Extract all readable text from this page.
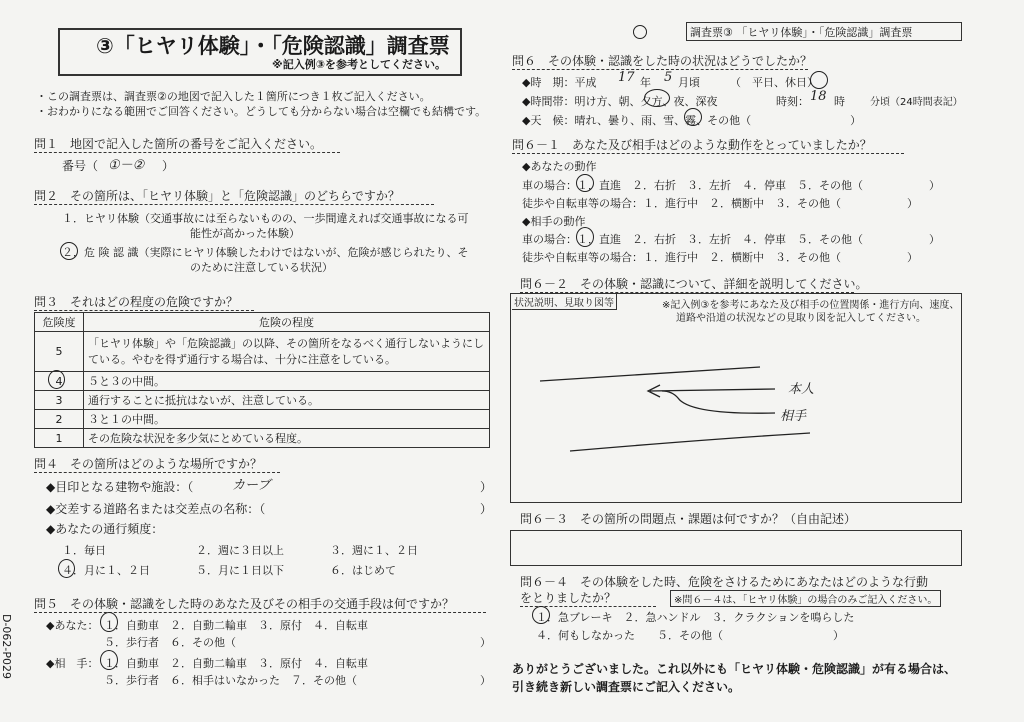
③「ヒヤリ体験」・「危険認識」調査票
※記入例③を参考としてください。
調査票③ 「ヒヤリ体験」・「危険認識」調査票
D-062-P029
・この調査票は、調査票②の地図で記入した１箇所につき１枚ご記入ください。
・おわかりになる範囲でご回答ください。どうしても分からない場合は空欄でも結構です。
問１　地図で記入した箇所の番号をご記入ください。
番号（ ①－② ）
問２　その箇所は、「ヒヤリ体験」と「危険認識」のどちらですか？
１．ヒヤリ体験（交通事故には至らないものの、一歩間違えれば交通事故になる可
能性が高かった体験）
２．危 険 認 識（実際にヒヤリ体験したわけではないが、危険が感じられたり、そ
のために注意している状況）
問３　それはどの程度の危険ですか？
危険度	危険の程度
5	「ヒヤリ体験」や「危険認識」の以降、その箇所をなるべく通行しないようにしている。やむを得ず通行する場合は、十分に注意をしている。
4	５と３の中間。
3	通行することに抵抗はないが、注意している。
2	３と１の中間。
1	その危険な状況を多少気にとめている程度。
問４　その箇所はどのような場所ですか？
◆目印となる建物や施設：（	カーブ	）
◆交差する道路名または交差点の名称：（	）
◆あなたの通行頻度：
１．毎日	２．週に３日以上	３．週に１、２日
４．月に１、２日	５．月に１日以下	６．はじめて
問５　その体験・認識をした時のあなた及びその相手の交通手段は何ですか？
◆あなた： １．自動車　２．自動二輪車　３．原付　４．自転車
５．歩行者　６．その他（	）
◆相　手： １．自動車　２．自動二輪車　３．原付　４．自転車
５．歩行者　６．相手はいなかった　７．その他（	）
問６　その体験・認識をした時の状況はどうでしたか？
◆時　期：平成 17 年 5 月頃	（　平日、休日）
◆時間帯：明け方、朝、夕方、夜、深夜	時刻： 18 時	分頃（24時間表記）
◆天　候：晴れ、曇り、雨、雪、霧、その他（　　　　　　　　　）
問６－１　あなた及び相手はどのような動作をとっていましたか？
◆あなたの動作
車の場合：１．直進　２．右折　３．左折　４．停車　５．その他（　　　　　　）
徒歩や自転車等の場合：１．進行中　２．横断中　３．その他（　　　　　　）
◆相手の動作
車の場合：１．直進　２．右折　３．左折　４．停車　５．その他（　　　　　　）
徒歩や自転車等の場合：１．進行中　２．横断中　３．その他（　　　　　　）
問６－２　その体験・認識について、詳細を説明してください。
状況説明、見取り図等	※記入例③を参考にあなた及び相手の位置関係・進行方向、速度、
道路や沿道の状況などの見取り図を記入してください。
本人
相手
問６－３　その箇所の問題点・課題は何ですか？（自由記述）
問６－４　その体験をした時、危険をさけるためにあなたはどのような行動
をとりましたか？	※問６－４は、「ヒヤリ体験」の場合のみご記入ください。
１．急ブレーキ　２．急ハンドル　３．クラクションを鳴らした
４．何もしなかった　　５．その他（　　　　　　　　　　）
ありがとうございました。これ以外にも「ヒヤリ体験・危険認識」が有る場合は、
引き続き新しい調査票にご記入ください。
